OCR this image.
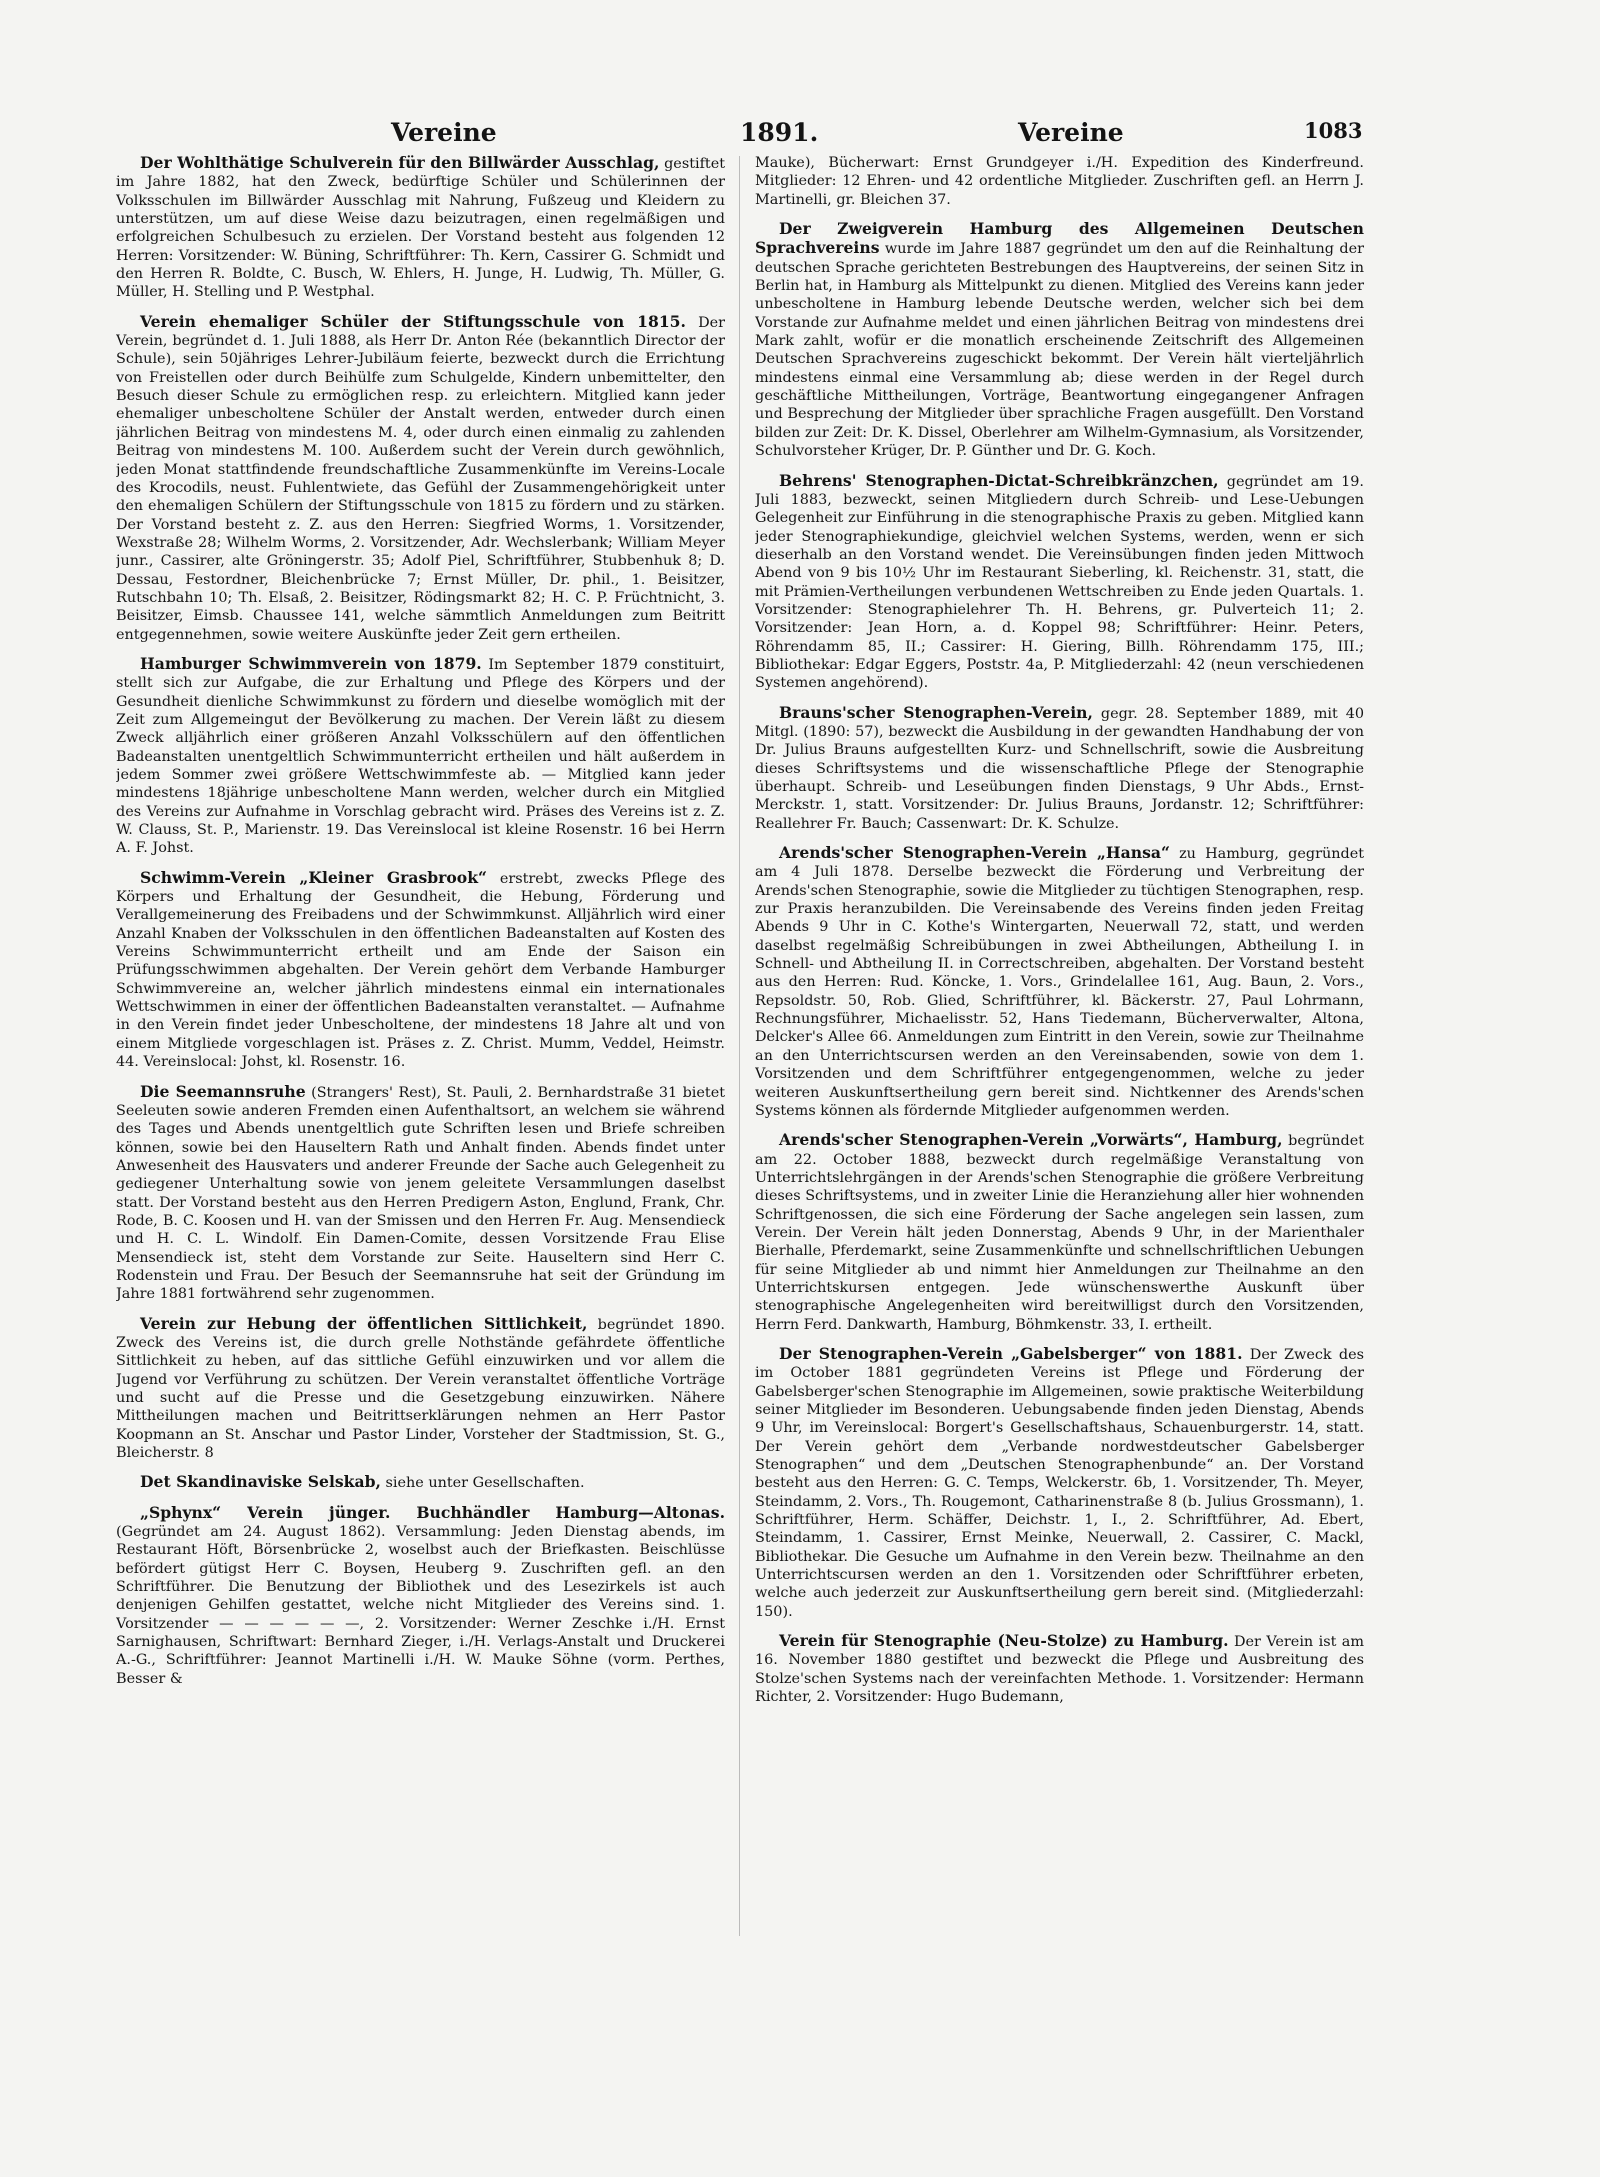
Vereine	1891.	Vereine	1083

Der Wohlthätige Schulverein für den Billwärder Ausschlag, gestiftet im Jahre 1882, hat den Zweck, bedürftige Schüler und Schülerinnen der Volksschulen im Billwärder Ausschlag mit Nahrung, Fußzeug und Kleidern zu unterstützen, um auf diese Weise dazu beizutragen, einen regelmäßigen und erfolgreichen Schulbesuch zu erzielen. Der Vorstand besteht aus folgenden 12 Herren: Vorsitzender: W. Büning, Schriftführer: Th. Kern, Cassirer G. Schmidt und den Herren R. Boldte, C. Busch, W. Ehlers, H. Junge, H. Ludwig, Th. Müller, G. Müller, H. Stelling und P. Westphal.

Verein ehemaliger Schüler der Stiftungsschule von 1815. Der Verein, begründet d. 1. Juli 1888, als Herr Dr. Anton Rée (bekanntlich Director der Schule), sein 50jähriges Lehrer-Jubiläum feierte, bezweckt durch die Errichtung von Freistellen oder durch Beihülfe zum Schulgelde, Kindern unbemittelter, den Besuch dieser Schule zu ermöglichen resp. zu erleichtern. Mitglied kann jeder ehemaliger unbescholtene Schüler der Anstalt werden, entweder durch einen jährlichen Beitrag von mindestens M. 4, oder durch einen einmalig zu zahlenden Beitrag von mindestens M. 100. Außerdem sucht der Verein durch gewöhnlich, jeden Monat stattfindende freundschaftliche Zusammenkünfte im Vereins-Locale des Krocodils, neust. Fuhlentwiete, das Gefühl der Zusammengehörigkeit unter den ehemaligen Schülern der Stiftungsschule von 1815 zu fördern und zu stärken. Der Vorstand besteht z. Z. aus den Herren: Siegfried Worms, 1. Vorsitzender, Wexstraße 28; Wilhelm Worms, 2. Vorsitzender, Adr. Wechslerbank; William Meyer junr., Cassirer, alte Gröningerstr. 35; Adolf Piel, Schriftführer, Stubbenhuk 8; D. Dessau, Festordner, Bleichenbrücke 7; Ernst Müller, Dr. phil., 1. Beisitzer, Rutschbahn 10; Th. Elsaß, 2. Beisitzer, Rödingsmarkt 82; H. C. P. Früchtnicht, 3. Beisitzer, Eimsb. Chaussee 141, welche sämmtlich Anmeldungen zum Beitritt entgegennehmen, sowie weitere Auskünfte jeder Zeit gern ertheilen.

Hamburger Schwimmverein von 1879. Im September 1879 constituirt, stellt sich zur Aufgabe, die zur Erhaltung und Pflege des Körpers und der Gesundheit dienliche Schwimmkunst zu fördern und dieselbe womöglich mit der Zeit zum Allgemeingut der Bevölkerung zu machen. Der Verein läßt zu diesem Zweck alljährlich einer größeren Anzahl Volksschülern auf den öffentlichen Badeanstalten unentgeltlich Schwimmunterricht ertheilen und hält außerdem in jedem Sommer zwei größere Wettschwimmfeste ab. — Mitglied kann jeder mindestens 18jährige unbescholtene Mann werden, welcher durch ein Mitglied des Vereins zur Aufnahme in Vorschlag gebracht wird. Präses des Vereins ist z. Z. W. Clauss, St. P., Marienstr. 19. Das Vereinslocal ist kleine Rosenstr. 16 bei Herrn A. F. Johst.

Schwimm-Verein „Kleiner Grasbrook“ erstrebt, zwecks Pflege des Körpers und Erhaltung der Gesundheit, die Hebung, Förderung und Verallgemeinerung des Freibadens und der Schwimmkunst. Alljährlich wird einer Anzahl Knaben der Volksschulen in den öffentlichen Badeanstalten auf Kosten des Vereins Schwimmunterricht ertheilt und am Ende der Saison ein Prüfungsschwimmen abgehalten. Der Verein gehört dem Verbande Hamburger Schwimmvereine an, welcher jährlich mindestens einmal ein internationales Wettschwimmen in einer der öffentlichen Badeanstalten veranstaltet. — Aufnahme in den Verein findet jeder Unbescholtene, der mindestens 18 Jahre alt und von einem Mitgliede vorgeschlagen ist. Präses z. Z. Christ. Mumm, Veddel, Heimstr. 44. Vereinslocal: Johst, kl. Rosenstr. 16.

Die Seemannsruhe (Strangers' Rest), St. Pauli, 2. Bernhardstraße 31 bietet Seeleuten sowie anderen Fremden einen Aufenthaltsort, an welchem sie während des Tages und Abends unentgeltlich gute Schriften lesen und Briefe schreiben können, sowie bei den Hauseltern Rath und Anhalt finden. Abends findet unter Anwesenheit des Hausvaters und anderer Freunde der Sache auch Gelegenheit zu gediegener Unterhaltung sowie von jenem geleitete Versammlungen daselbst statt. Der Vorstand besteht aus den Herren Predigern Aston, Englund, Frank, Chr. Rode, B. C. Koosen und H. van der Smissen und den Herren Fr. Aug. Mensendieck und H. C. L. Windolf. Ein Damen-Comite, dessen Vorsitzende Frau Elise Mensendieck ist, steht dem Vorstande zur Seite. Hauseltern sind Herr C. Rodenstein und Frau. Der Besuch der Seemannsruhe hat seit der Gründung im Jahre 1881 fortwährend sehr zugenommen.

Verein zur Hebung der öffentlichen Sittlichkeit, begründet 1890. Zweck des Vereins ist, die durch grelle Nothstände gefährdete öffentliche Sittlichkeit zu heben, auf das sittliche Gefühl einzuwirken und vor allem die Jugend vor Verführung zu schützen. Der Verein veranstaltet öffentliche Vorträge und sucht auf die Presse und die Gesetzgebung einzuwirken. Nähere Mittheilungen machen und Beitrittserklärungen nehmen an Herr Pastor Koopmann an St. Anschar und Pastor Linder, Vorsteher der Stadtmission, St. G., Bleicherstr. 8

Det Skandinaviske Selskab, siehe unter Gesellschaften.

„Sphynx“ Verein jünger. Buchhändler Hamburg—Altonas. (Gegründet am 24. August 1862). Versammlung: Jeden Dienstag abends, im Restaurant Höft, Börsenbrücke 2, woselbst auch der Briefkasten. Beischlüsse befördert gütigst Herr C. Boysen, Heuberg 9. Zuschriften gefl. an den Schriftführer. Die Benutzung der Bibliothek und des Lesezirkels ist auch denjenigen Gehilfen gestattet, welche nicht Mitglieder des Vereins sind. 1. Vorsitzender — — — — — —, 2. Vorsitzender: Werner Zeschke i./H. Ernst Sarnighausen, Schriftwart: Bernhard Zieger, i./H. Verlags-Anstalt und Druckerei A.-G., Schriftführer: Jeannot Martinelli i./H. W. Mauke Söhne (vorm. Perthes, Besser &

Mauke), Bücherwart: Ernst Grundgeyer i./H. Expedition des Kinderfreund. Mitglieder: 12 Ehren- und 42 ordentliche Mitglieder. Zuschriften gefl. an Herrn J. Martinelli, gr. Bleichen 37.

Der Zweigverein Hamburg des Allgemeinen Deutschen Sprachvereins wurde im Jahre 1887 gegründet um den auf die Reinhaltung der deutschen Sprache gerichteten Bestrebungen des Hauptvereins, der seinen Sitz in Berlin hat, in Hamburg als Mittelpunkt zu dienen. Mitglied des Vereins kann jeder unbescholtene in Hamburg lebende Deutsche werden, welcher sich bei dem Vorstande zur Aufnahme meldet und einen jährlichen Beitrag von mindestens drei Mark zahlt, wofür er die monatlich erscheinende Zeitschrift des Allgemeinen Deutschen Sprachvereins zugeschickt bekommt. Der Verein hält vierteljährlich mindestens einmal eine Versammlung ab; diese werden in der Regel durch geschäftliche Mittheilungen, Vorträge, Beantwortung eingegangener Anfragen und Besprechung der Mitglieder über sprachliche Fragen ausgefüllt. Den Vorstand bilden zur Zeit: Dr. K. Dissel, Oberlehrer am Wilhelm-Gymnasium, als Vorsitzender, Schulvorsteher Krüger, Dr. P. Günther und Dr. G. Koch.

Behrens' Stenographen-Dictat-Schreibkränzchen, gegründet am 19. Juli 1883, bezweckt, seinen Mitgliedern durch Schreib- und Lese-Uebungen Gelegenheit zur Einführung in die stenographische Praxis zu geben. Mitglied kann jeder Stenographiekundige, gleichviel welchen Systems, werden, wenn er sich dieserhalb an den Vorstand wendet. Die Vereinsübungen finden jeden Mittwoch Abend von 9 bis 10½ Uhr im Restaurant Sieberling, kl. Reichenstr. 31, statt, die mit Prämien-Vertheilungen verbundenen Wettschreiben zu Ende jeden Quartals. 1. Vorsitzender: Stenographielehrer Th. H. Behrens, gr. Pulverteich 11; 2. Vorsitzender: Jean Horn, a. d. Koppel 98; Schriftführer: Heinr. Peters, Röhrendamm 85, II.; Cassirer: H. Giering, Billh. Röhrendamm 175, III.; Bibliothekar: Edgar Eggers, Poststr. 4a, P. Mitgliederzahl: 42 (neun verschiedenen Systemen angehörend).

Brauns'scher Stenographen-Verein, gegr. 28. September 1889, mit 40 Mitgl. (1890: 57), bezweckt die Ausbildung in der gewandten Handhabung der von Dr. Julius Brauns aufgestellten Kurz- und Schnellschrift, sowie die Ausbreitung dieses Schriftsystems und die wissenschaftliche Pflege der Stenographie überhaupt. Schreib- und Leseübungen finden Dienstags, 9 Uhr Abds., Ernst-Merckstr. 1, statt. Vorsitzender: Dr. Julius Brauns, Jordanstr. 12; Schriftführer: Reallehrer Fr. Bauch; Cassenwart: Dr. K. Schulze.

Arends'scher Stenographen-Verein „Hansa“ zu Hamburg, gegründet am 4 Juli 1878. Derselbe bezweckt die Förderung und Verbreitung der Arends'schen Stenographie, sowie die Mitglieder zu tüchtigen Stenographen, resp. zur Praxis heranzubilden. Die Vereinsabende des Vereins finden jeden Freitag Abends 9 Uhr in C. Kothe's Wintergarten, Neuerwall 72, statt, und werden daselbst regelmäßig Schreibübungen in zwei Abtheilungen, Abtheilung I. in Schnell- und Abtheilung II. in Correctschreiben, abgehalten. Der Vorstand besteht aus den Herren: Rud. Köncke, 1. Vors., Grindelallee 161, Aug. Baun, 2. Vors., Repsoldstr. 50, Rob. Glied, Schriftführer, kl. Bäckerstr. 27, Paul Lohrmann, Rechnungsführer, Michaelisstr. 52, Hans Tiedemann, Bücherverwalter, Altona, Delcker's Allee 66. Anmeldungen zum Eintritt in den Verein, sowie zur Theilnahme an den Unterrichtscursen werden an den Vereinsabenden, sowie von dem 1. Vorsitzenden und dem Schriftführer entgegengenommen, welche zu jeder weiteren Auskunftsertheilung gern bereit sind. Nichtkenner des Arends'schen Systems können als fördernde Mitglieder aufgenommen werden.

Arends'scher Stenographen-Verein „Vorwärts“, Hamburg, begründet am 22. October 1888, bezweckt durch regelmäßige Veranstaltung von Unterrichtslehrgängen in der Arends'schen Stenographie die größere Verbreitung dieses Schriftsystems, und in zweiter Linie die Heranziehung aller hier wohnenden Schriftgenossen, die sich eine Förderung der Sache angelegen sein lassen, zum Verein. Der Verein hält jeden Donnerstag, Abends 9 Uhr, in der Marienthaler Bierhalle, Pferdemarkt, seine Zusammenkünfte und schnellschriftlichen Uebungen für seine Mitglieder ab und nimmt hier Anmeldungen zur Theilnahme an den Unterrichtskursen entgegen. Jede wünschenswerthe Auskunft über stenographische Angelegenheiten wird bereitwilligst durch den Vorsitzenden, Herrn Ferd. Dankwarth, Hamburg, Böhmkenstr. 33, I. ertheilt.

Der Stenographen-Verein „Gabelsberger“ von 1881. Der Zweck des im October 1881 gegründeten Vereins ist Pflege und Förderung der Gabelsberger'schen Stenographie im Allgemeinen, sowie praktische Weiterbildung seiner Mitglieder im Besonderen. Uebungsabende finden jeden Dienstag, Abends 9 Uhr, im Vereinslocal: Borgert's Gesellschaftshaus, Schauenburgerstr. 14, statt. Der Verein gehört dem „Verbande nordwestdeutscher Gabelsberger Stenographen“ und dem „Deutschen Stenographenbunde“ an. Der Vorstand besteht aus den Herren: G. C. Temps, Welckerstr. 6b, 1. Vorsitzender, Th. Meyer, Steindamm, 2. Vors., Th. Rougemont, Catharinenstraße 8 (b. Julius Grossmann), 1. Schriftführer, Herm. Schäffer, Deichstr. 1, I., 2. Schriftführer, Ad. Ebert, Steindamm, 1. Cassirer, Ernst Meinke, Neuerwall, 2. Cassirer, C. Mackl, Bibliothekar. Die Gesuche um Aufnahme in den Verein bezw. Theilnahme an den Unterrichtscursen werden an den 1. Vorsitzenden oder Schriftführer erbeten, welche auch jederzeit zur Auskunftsertheilung gern bereit sind. (Mitgliederzahl: 150).

Verein für Stenographie (Neu-Stolze) zu Hamburg. Der Verein ist am 16. November 1880 gestiftet und bezweckt die Pflege und Ausbreitung des Stolze'schen Systems nach der vereinfachten Methode. 1. Vorsitzender: Hermann Richter, 2. Vorsitzender: Hugo Budemann,
